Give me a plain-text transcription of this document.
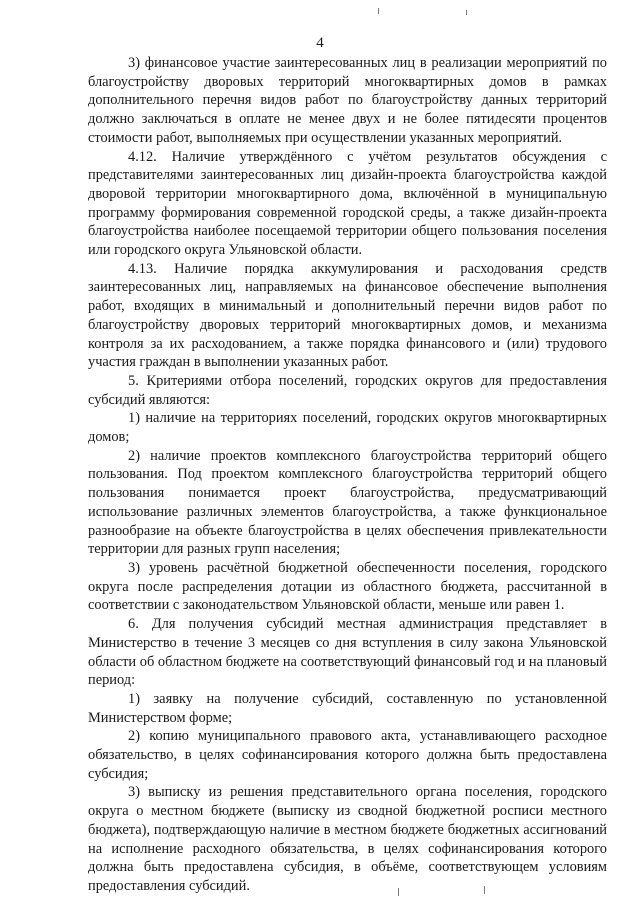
4

3) финансовое участие заинтересованных лиц в реализации мероприятий по благоустройству дворовых территорий многоквартирных домов в рамках дополнительного перечня видов работ по благоустройству данных территорий должно заключаться в оплате не менее двух и не более пятидесяти процентов стоимости работ, выполняемых при осуществлении указанных мероприятий.

4.12. Наличие утверждённого с учётом результатов обсуждения с представителями заинтересованных лиц дизайн-проекта благоустройства каждой дворовой территории многоквартирного дома, включённой в муниципальную программу формирования современной городской среды, а также дизайн-проекта благоустройства наиболее посещаемой территории общего пользования поселения или городского округа Ульяновской области.

4.13. Наличие порядка аккумулирования и расходования средств заинтересованных лиц, направляемых на финансовое обеспечение выполнения работ, входящих в минимальный и дополнительный перечни видов работ по благоустройству дворовых территорий многоквартирных домов, и механизма контроля за их расходованием, а также порядка финансового и (или) трудового участия граждан в выполнении указанных работ.

5. Критериями отбора поселений, городских округов для предоставления субсидий являются:

1) наличие на территориях поселений, городских округов многоквартирных домов;

2) наличие проектов комплексного благоустройства территорий общего пользования. Под проектом комплексного благоустройства территорий общего пользования понимается проект благоустройства, предусматривающий использование различных элементов благоустройства, а также функциональное разнообразие на объекте благоустройства в целях обеспечения привлекательности территории для разных групп населения;

3) уровень расчётной бюджетной обеспеченности поселения, городского округа после распределения дотации из областного бюджета, рассчитанной в соответствии с законодательством Ульяновской области, меньше или равен 1.

6. Для получения субсидий местная администрация представляет в Министерство в течение 3 месяцев со дня вступления в силу закона Ульяновской области об областном бюджете на соответствующий финансовый год и на плановый период:

1) заявку на получение субсидий, составленную по установленной Министерством форме;

2) копию муниципального правового акта, устанавливающего расходное обязательство, в целях софинансирования которого должна быть предоставлена субсидия;

3) выписку из решения представительного органа поселения, городского округа о местном бюджете (выписку из сводной бюджетной росписи местного бюджета), подтверждающую наличие в местном бюджете бюджетных ассигнований на исполнение расходного обязательства, в целях софинансирования которого должна быть предоставлена субсидия, в объёме, соответствующем условиям предоставления субсидий.
